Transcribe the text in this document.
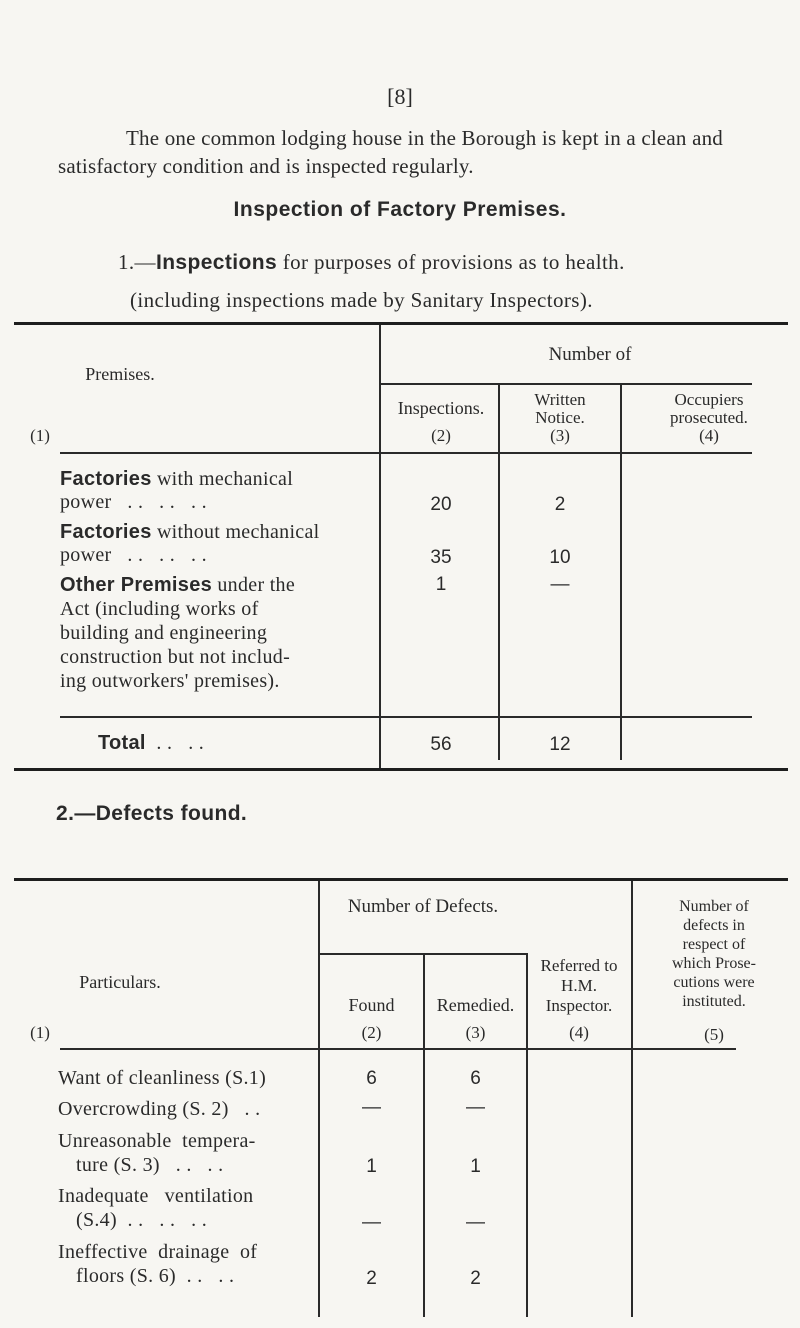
[8]
The one common lodging house in the Borough is kept in a clean and satisfactory condition and is inspected regularly.
Inspection of Factory Premises.
1.—Inspections for purposes of provisions as to health.
(including inspections made by Sanitary Inspectors).
Number of
Premises.
(1)
Inspections.
(2)
Written
Notice.
(3)
Occupiers
prosecuted.
(4)
Factories with mechanical
power   . .   . .   . .	20	2
Factories without mechanical
power   . .   . .   . .	35	10
Other Premises under the
Act (including works of
building and engineering
construction but not includ-
ing outworkers' premises).
1	—
Total . .   . .	56	12
2.—Defects found.
Number of Defects.
Particulars.
(1)
Found
(2)
Remedied.
(3)
Referred to
H.M.
Inspector.
(4)
Number of
defects in
respect of
which Prose-
cutions were
instituted.
(5)
Want of cleanliness (S.1)	6	6
Overcrowding (S. 2)   . .	—	—
Unreasonable  tempera-
ture (S. 3)   . .   . .	1	1
Inadequate   ventilation
(S.4)  . .   . .   . .	—	—
Ineffective  drainage  of
floors (S. 6)  . .   . .	2	2
